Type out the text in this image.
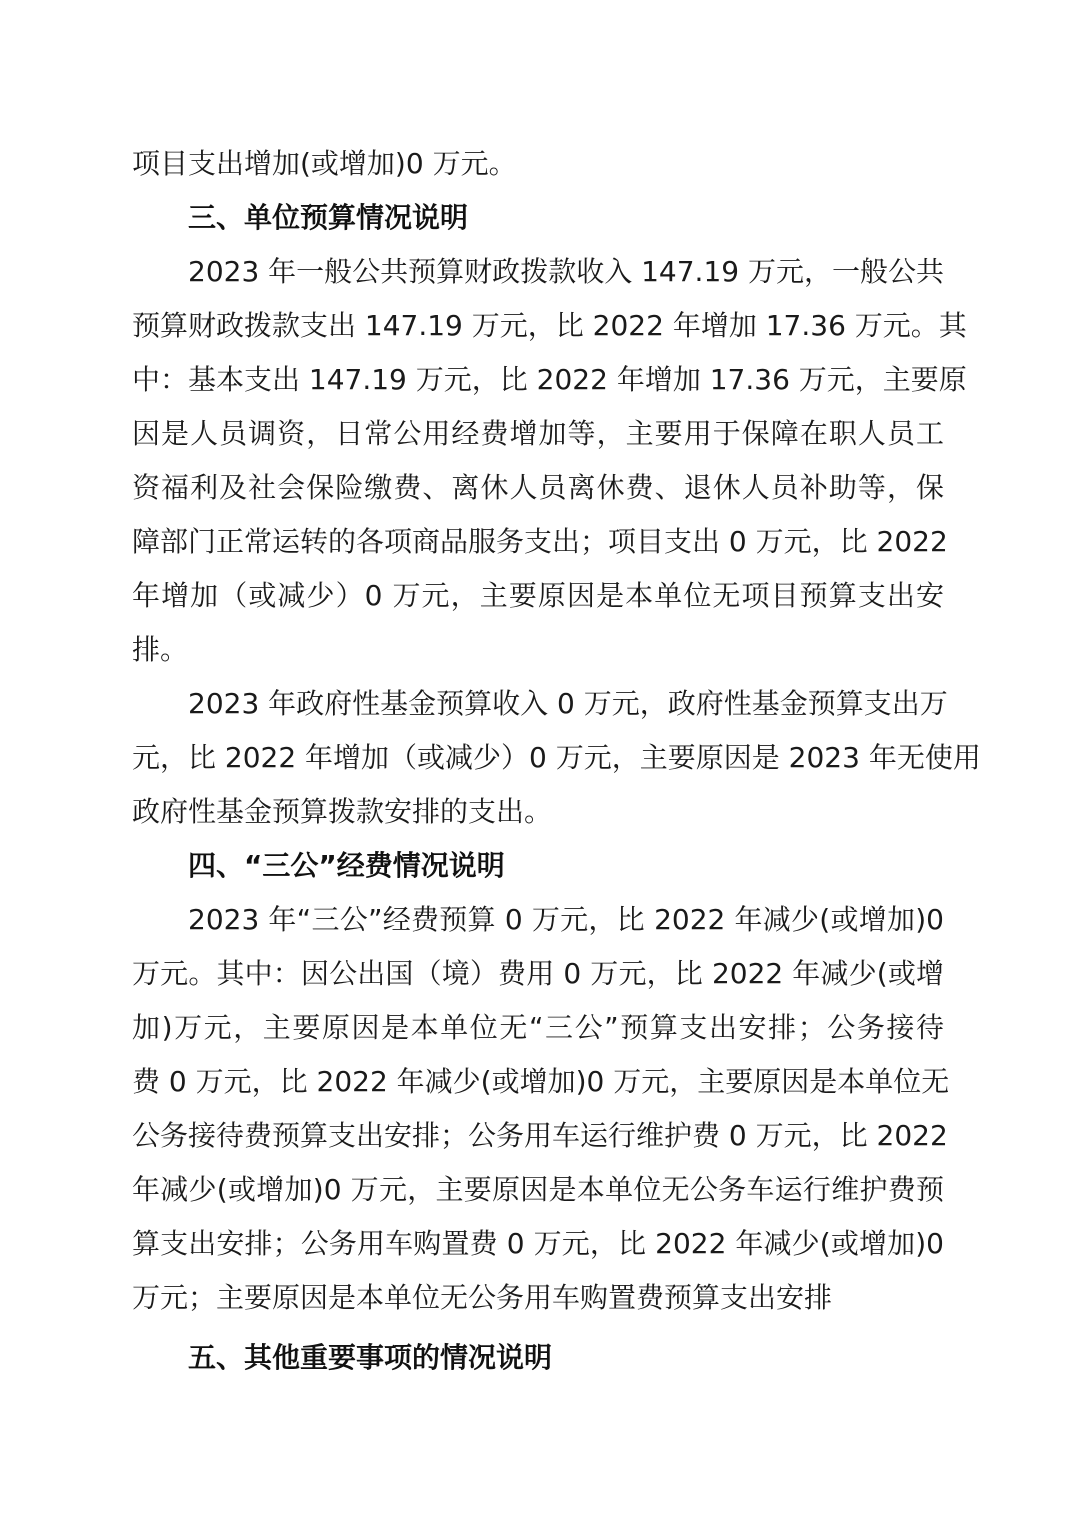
项目支出增加(或增加)0 万元。
三、单位预算情况说明
2023 年一般公共预算财政拨款收入 147.19 万元，一般公共
预算财政拨款支出 147.19 万元，比 2022 年增加 17.36 万元。其
中：基本支出 147.19 万元，比 2022 年增加 17.36 万元，主要原
因是人员调资，日常公用经费增加等，主要用于保障在职人员工
资福利及社会保险缴费、离休人员离休费、退休人员补助等，保
障部门正常运转的各项商品服务支出；项目支出 0 万元，比 2022
年增加（或减少）0 万元，主要原因是本单位无项目预算支出安
排。
2023 年政府性基金预算收入 0 万元，政府性基金预算支出万
元，比 2022 年增加（或减少）0 万元，主要原因是 2023 年无使用
政府性基金预算拨款安排的支出。
四、“三公”经费情况说明
2023 年“三公”经费预算 0 万元，比 2022 年减少(或增加)0
万元。其中：因公出国（境）费用 0 万元，比 2022 年减少(或增
加)万元，主要原因是本单位无“三公”预算支出安排；公务接待
费 0 万元，比 2022 年减少(或增加)0 万元，主要原因是本单位无
公务接待费预算支出安排；公务用车运行维护费 0 万元，比 2022
年减少(或增加)0 万元，主要原因是本单位无公务车运行维护费预
算支出安排；公务用车购置费 0 万元，比 2022 年减少(或增加)0
万元；主要原因是本单位无公务用车购置费预算支出安排
五、其他重要事项的情况说明
